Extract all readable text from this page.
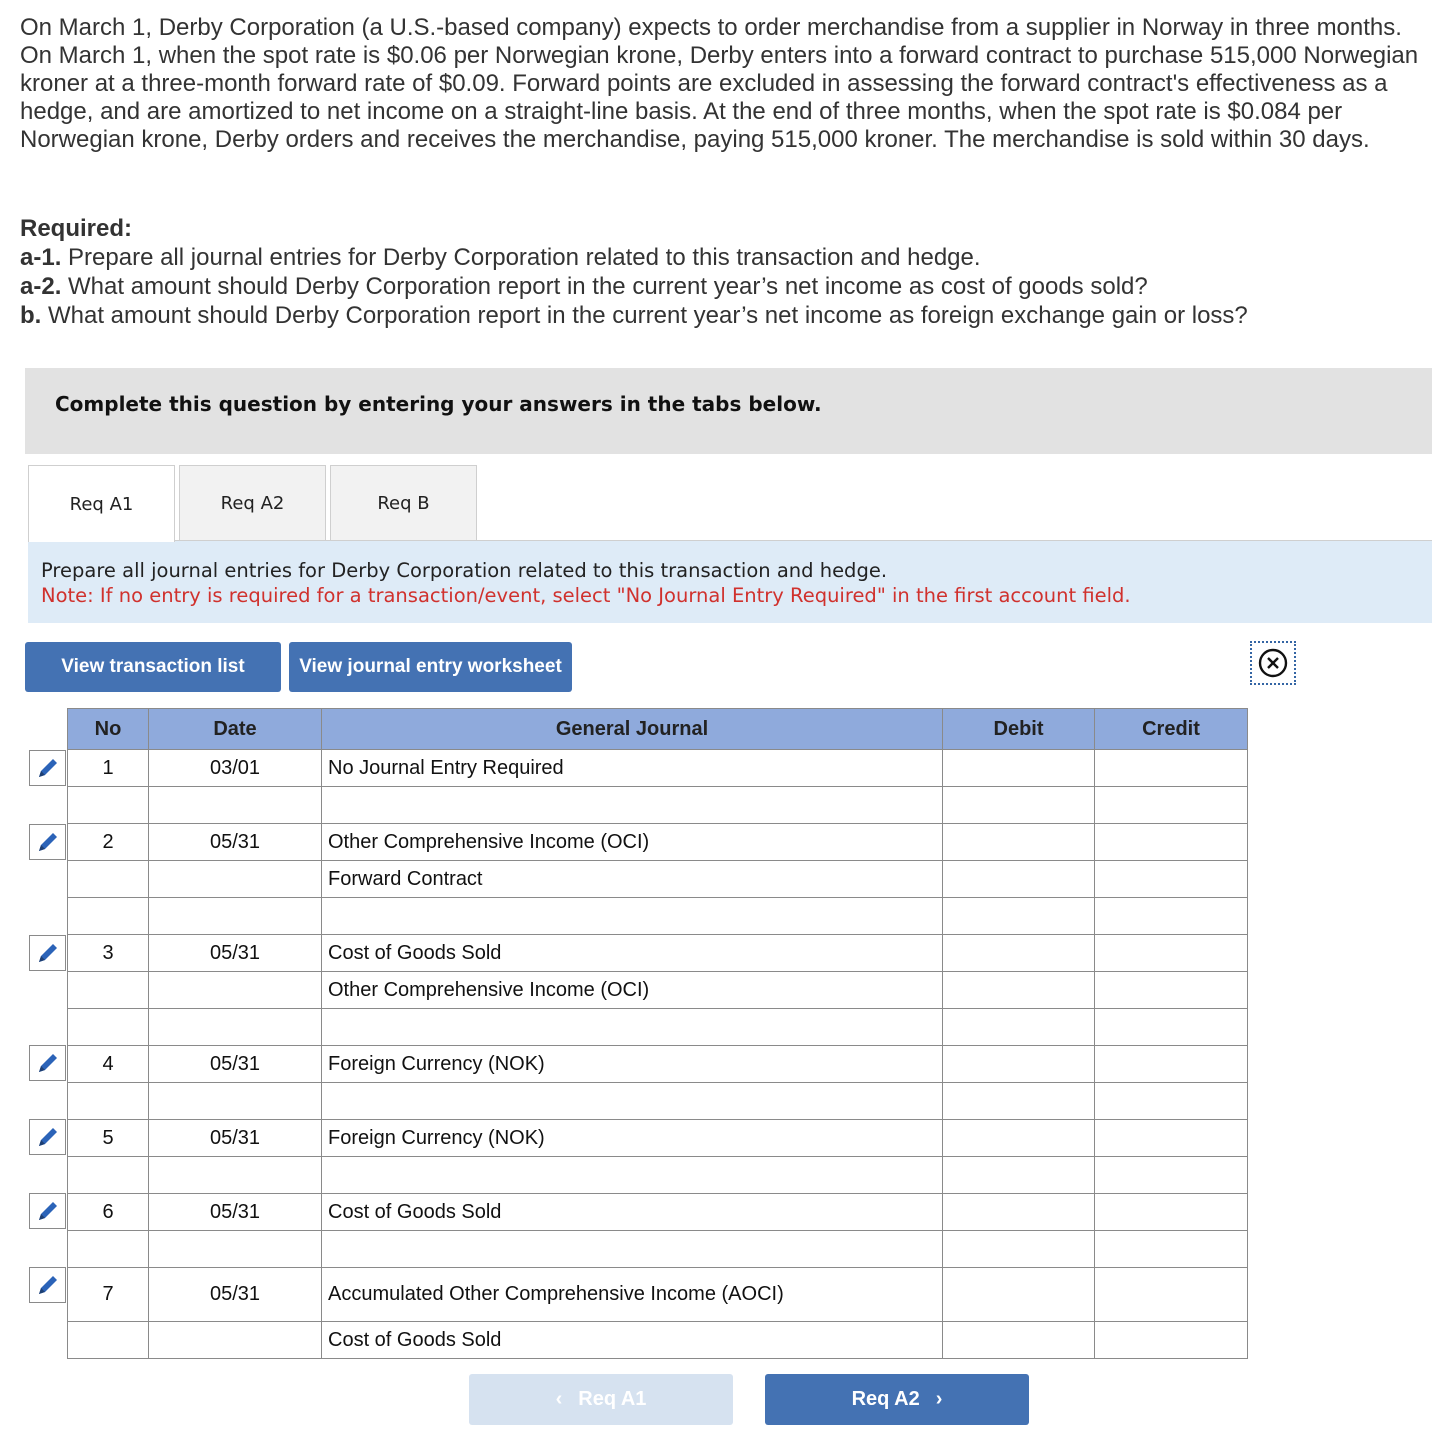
On March 1, Derby Corporation (a U.S.-based company) expects to order merchandise from a supplier in Norway in three months. On March 1, when the spot rate is $0.06 per Norwegian krone, Derby enters into a forward contract to purchase 515,000 Norwegian kroner at a three-month forward rate of $0.09. Forward points are excluded in assessing the forward contract's effectiveness as a hedge, and are amortized to net income on a straight-line basis. At the end of three months, when the spot rate is $0.084 per Norwegian krone, Derby orders and receives the merchandise, paying 515,000 kroner. The merchandise is sold within 30 days.
Required:
a-1. Prepare all journal entries for Derby Corporation related to this transaction and hedge.
a-2. What amount should Derby Corporation report in the current year’s net income as cost of goods sold?
b. What amount should Derby Corporation report in the current year’s net income as foreign exchange gain or loss?
Complete this question by entering your answers in the tabs below.
Req A1	Req A2	Req B
Prepare all journal entries for Derby Corporation related to this transaction and hedge.
Note: If no entry is required for a transaction/event, select "No Journal Entry Required" in the first account field.
View transaction list	View journal entry worksheet
No	Date	General Journal	Debit	Credit
1	03/01	No Journal Entry Required		

2	05/31	Other Comprehensive Income (OCI)		
		Forward Contract		

3	05/31	Cost of Goods Sold		
		Other Comprehensive Income (OCI)		

4	05/31	Foreign Currency (NOK)		

5	05/31	Foreign Currency (NOK)		

6	05/31	Cost of Goods Sold		

7	05/31	Accumulated Other Comprehensive Income (AOCI)		
		Cost of Goods Sold		
‹ Req A1	Req A2 ›
